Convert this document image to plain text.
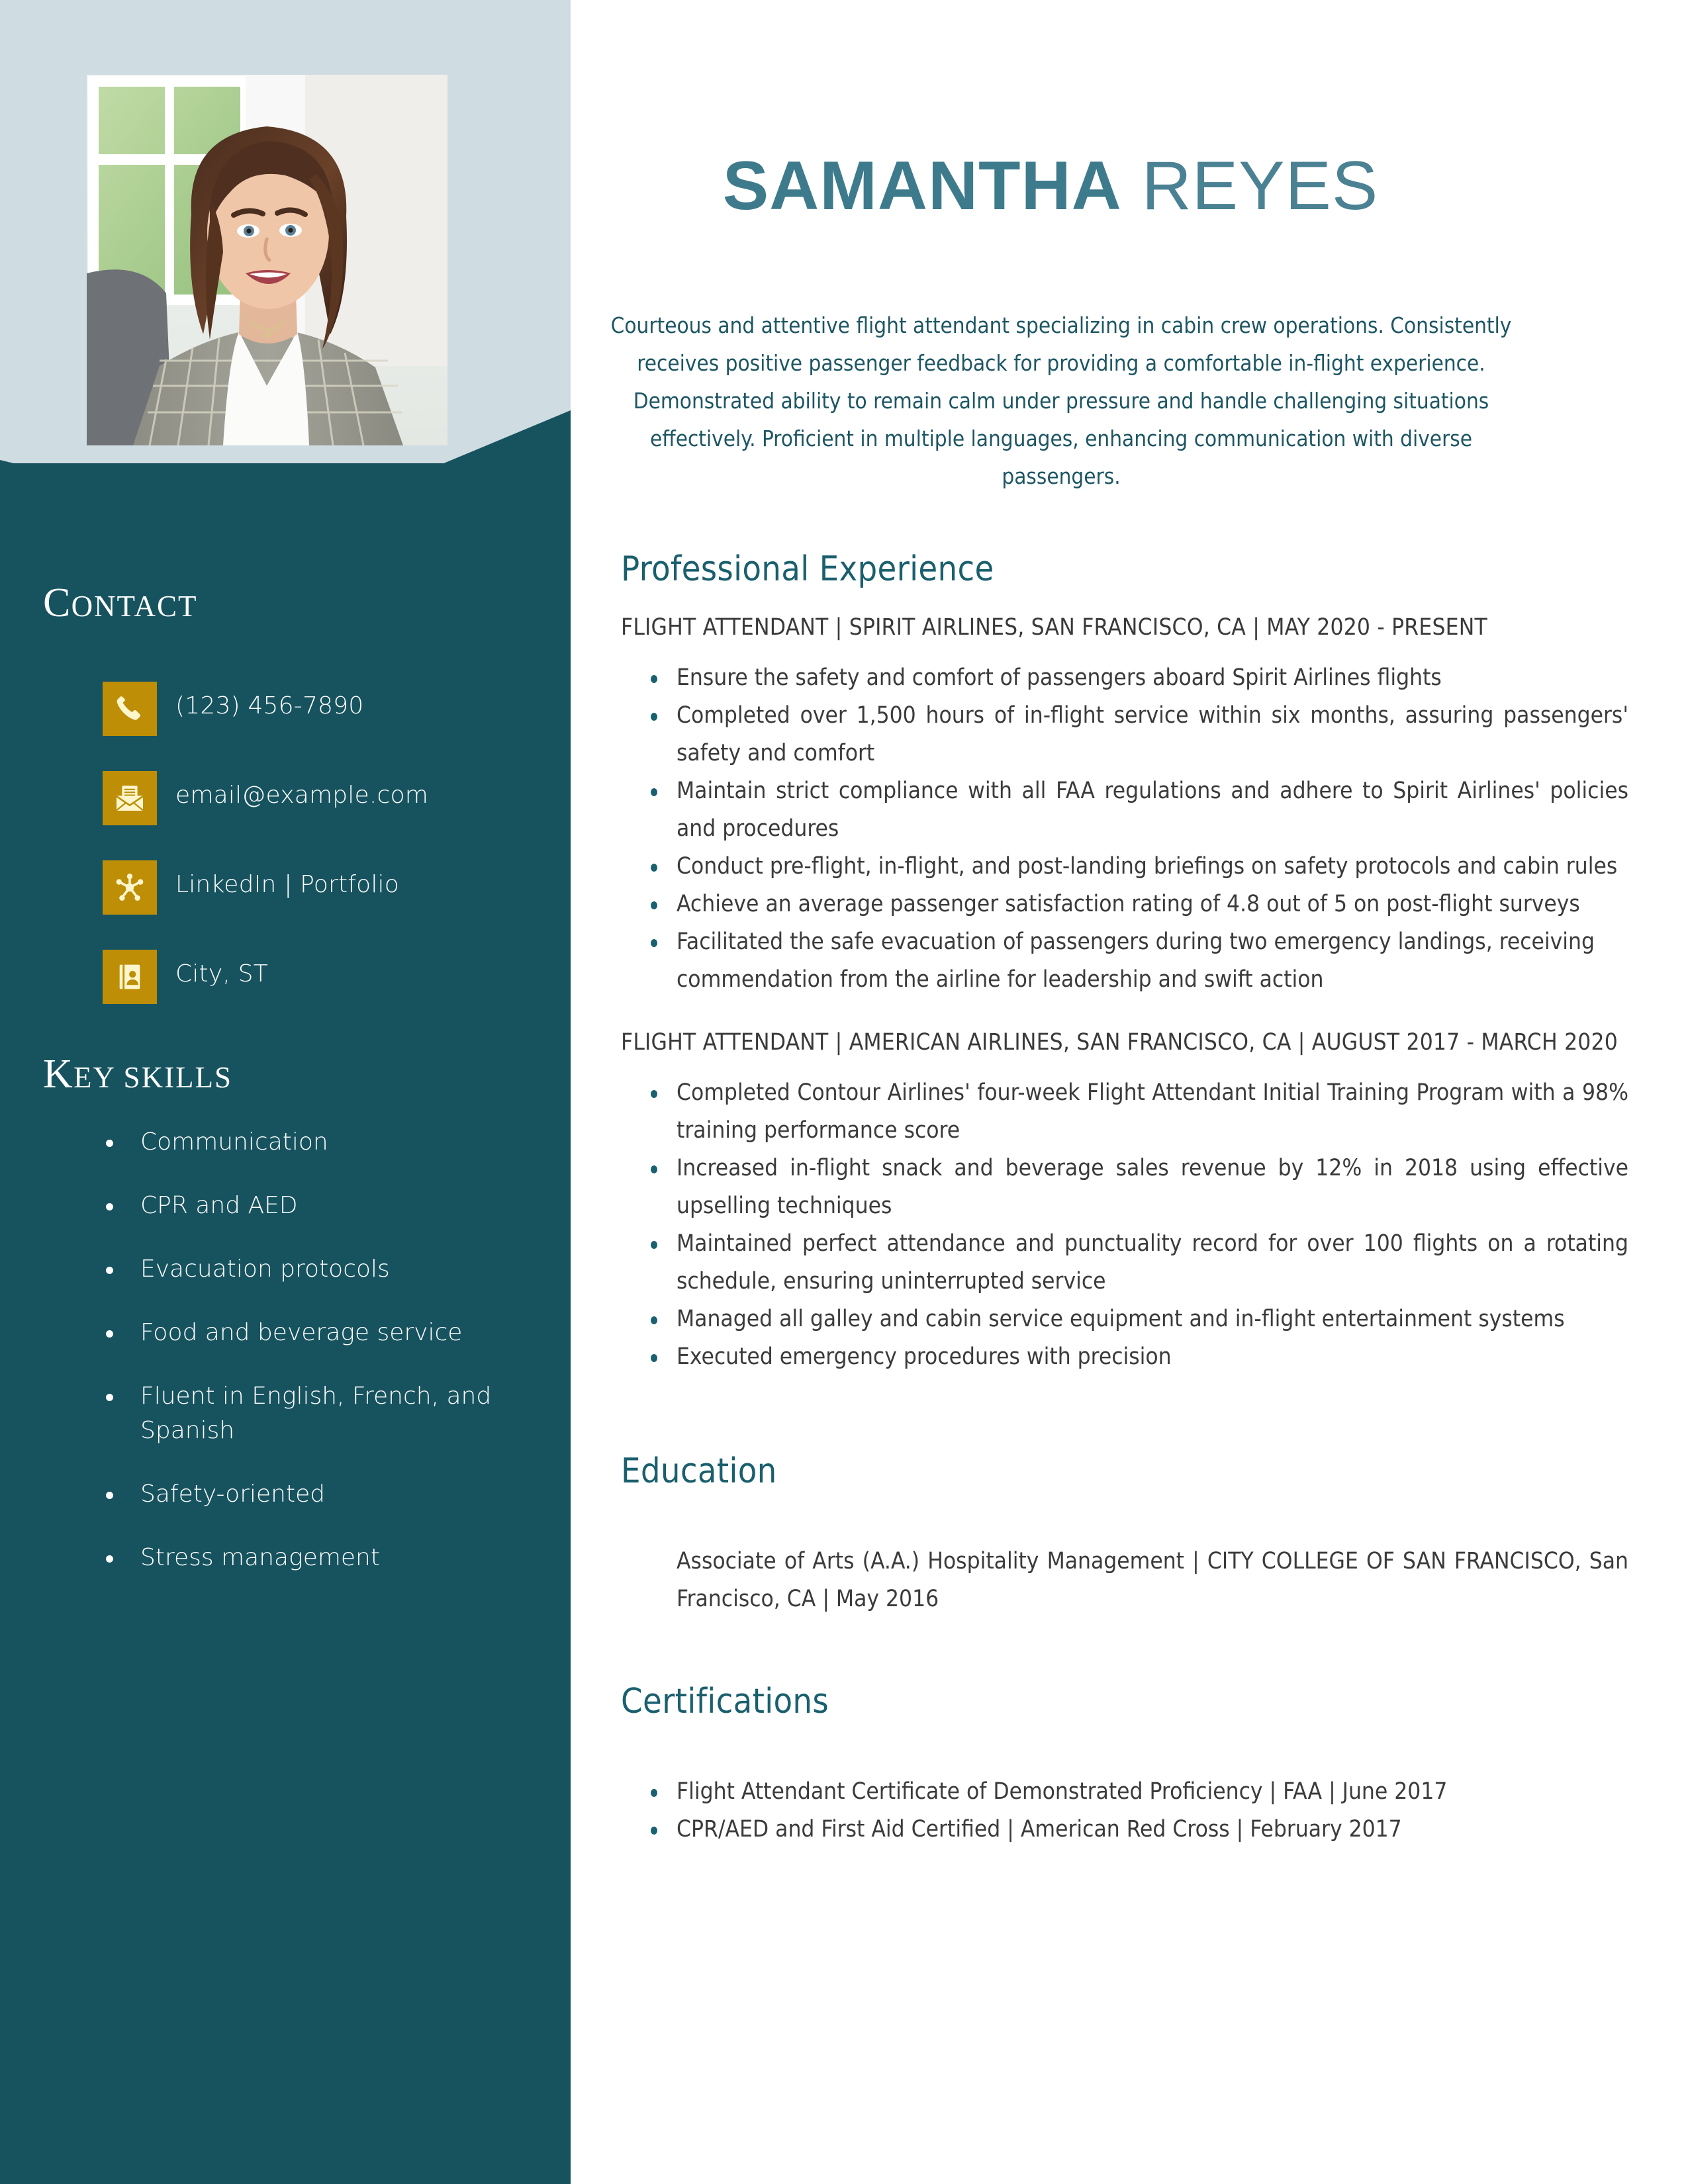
CONTACT
(123) 456-7890
email@example.com
LinkedIn | Portfolio
City, ST
KEY SKILLS
Communication
CPR and AED
Evacuation protocols
Food and beverage service
Fluent in English, French, and Spanish
Safety-oriented
Stress management
SAMANTHA REYES

Courteous and attentive flight attendant specializing in cabin crew operations. Consistently receives positive passenger feedback for providing a comfortable in-flight experience. Demonstrated ability to remain calm under pressure and handle challenging situations effectively. Proficient in multiple languages, enhancing communication with diverse passengers.

Professional Experience
FLIGHT ATTENDANT | SPIRIT AIRLINES, SAN FRANCISCO, CA | MAY 2020 - PRESENT
Ensure the safety and comfort of passengers aboard Spirit Airlines flights
Completed over 1,500 hours of in-flight service within six months, assuring passengers' safety and comfort
Maintain strict compliance with all FAA regulations and adhere to Spirit Airlines' policies and procedures
Conduct pre-flight, in-flight, and post-landing briefings on safety protocols and cabin rules
Achieve an average passenger satisfaction rating of 4.8 out of 5 on post-flight surveys
Facilitated the safe evacuation of passengers during two emergency landings, receiving commendation from the airline for leadership and swift action
FLIGHT ATTENDANT | AMERICAN AIRLINES, SAN FRANCISCO, CA | AUGUST 2017 - MARCH 2020
Completed Contour Airlines' four-week Flight Attendant Initial Training Program with a 98% training performance score
Increased in-flight snack and beverage sales revenue by 12% in 2018 using effective upselling techniques
Maintained perfect attendance and punctuality record for over 100 flights on a rotating schedule, ensuring uninterrupted service
Managed all galley and cabin service equipment and in-flight entertainment systems
Executed emergency procedures with precision
Education
Associate of Arts (A.A.) Hospitality Management | CITY COLLEGE OF SAN FRANCISCO, San Francisco, CA | May 2016
Certifications
Flight Attendant Certificate of Demonstrated Proficiency | FAA | June 2017
CPR/AED and First Aid Certified | American Red Cross | February 2017
